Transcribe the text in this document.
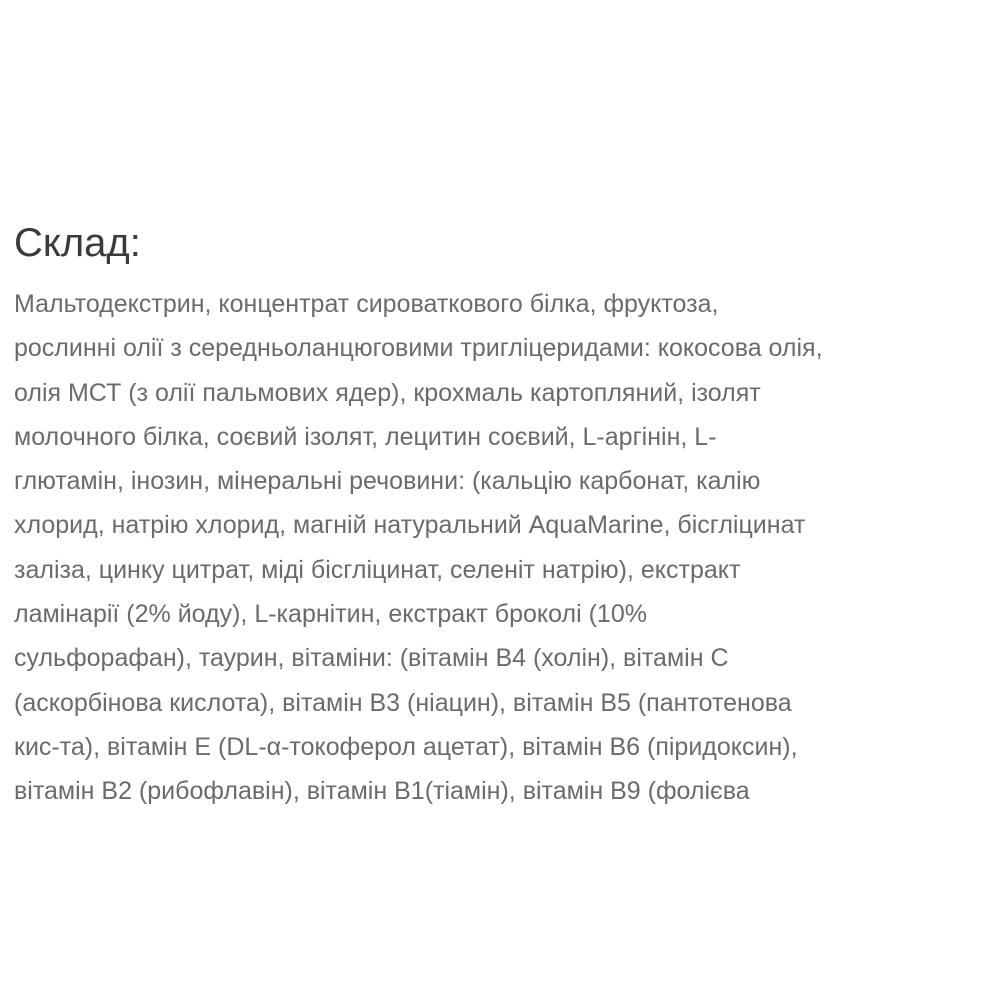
Склад:
Мальтодекстрин, концентрат сироваткового білка, фруктоза,
рослинні олії з середньоланцюговими тригліцеридами: кокосова олія,
олія МСТ (з олії пальмових ядер), крохмаль картопляний, ізолят
молочного білка, соєвий ізолят, лецитин соєвий, L-аргінін, L-
глютамін, інозин, мінеральні речовини: (кальцію карбонат, калію
хлорид, натрію хлорид, магній натуральний AquaMarine, бісгліцинат
заліза, цинку цитрат, міді бісгліцинат, селеніт натрію), екстракт
ламінарії (2% йоду), L-карнітин, екстракт броколі (10%
сульфорафан), таурин, вітаміни: (вітамін В4 (холін), вітамін С
(аскорбінова кислота), вітамін В3 (ніацин), вітамін В5 (пантотенова
кис-та), вітамін Е (DL-α-токоферол ацетат), вітамін В6 (піридоксин),
вітамін В2 (рибофлавін), вітамін В1(тіамін), вітамін В9 (фолієва
